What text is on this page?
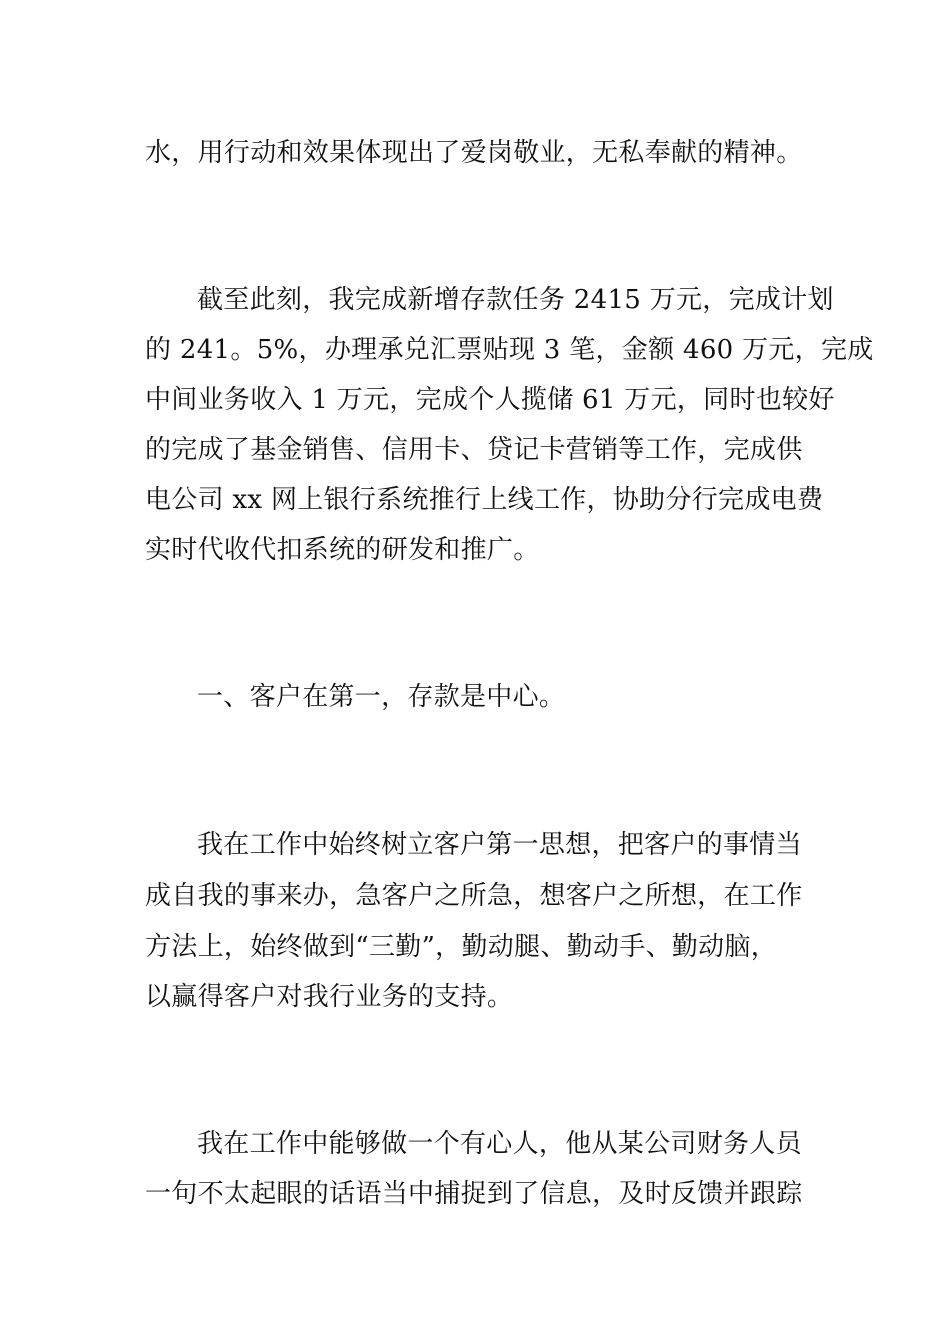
水，用行动和效果体现出了爱岗敬业，无私奉献的精神。
截至此刻，我完成新增存款任务 2415 万元，完成计划
的 241。5%，办理承兑汇票贴现 3 笔，金额 460 万元，完成
中间业务收入 1 万元，完成个人揽储 61 万元，同时也较好
的完成了基金销售、信用卡、贷记卡营销等工作，完成供
电公司 xx 网上银行系统推行上线工作，协助分行完成电费
实时代收代扣系统的研发和推广。
一、客户在第一，存款是中心。
我在工作中始终树立客户第一思想，把客户的事情当
成自我的事来办，急客户之所急，想客户之所想，在工作
方法上，始终做到“三勤”，勤动腿、勤动手、勤动脑，
以赢得客户对我行业务的支持。
我在工作中能够做一个有心人，他从某公司财务人员
一句不太起眼的话语当中捕捉到了信息，及时反馈并跟踪
